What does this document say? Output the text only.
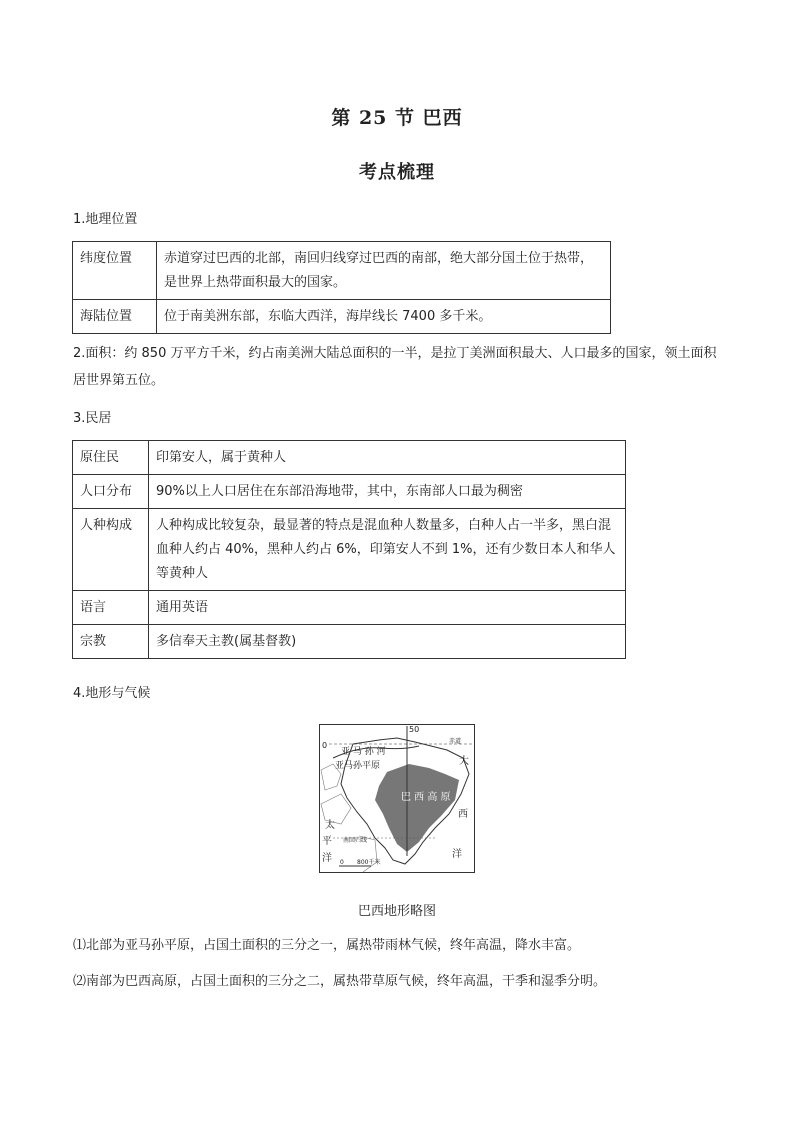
第 25 节 巴西
考点梳理
1.地理位置
纬度位置	赤道穿过巴西的北部，南回归线穿过巴西的南部，绝大部分国土位于热带，是世界上热带面积最大的国家。
海陆位置	位于南美洲东部，东临大西洋，海岸线长 7400 多千米。
2.面积：约 850 万平方千米，约占南美洲大陆总面积的一半，是拉丁美洲面积最大、人口最多的国家，领土面积居世界第五位。
3.民居
原住民	印第安人，属于黄种人
人口分布	90%以上人口居住在东部沿海地带，其中，东南部人口最为稠密
人种构成	人种构成比较复杂，最显著的特点是混血种人数量多，白种人占一半多，黑白混血种人约占 40%，黑种人约占 6%，印第安人不到 1%，还有少数日本人和华人等黄种人
语言	通用英语
宗教	多信奉天主教(属基督教)
4.地形与气候
50
0	赤道
亚 马 孙 河
亚马孙平原
巴 西 高 原
大
西
洋
太
平
洋
南回归线
0 800千米
巴西地形略图
⑴北部为亚马孙平原，占国土面积的三分之一，属热带雨林气候，终年高温，降水丰富。
⑵南部为巴西高原，占国土面积的三分之二，属热带草原气候，终年高温，干季和湿季分明。
